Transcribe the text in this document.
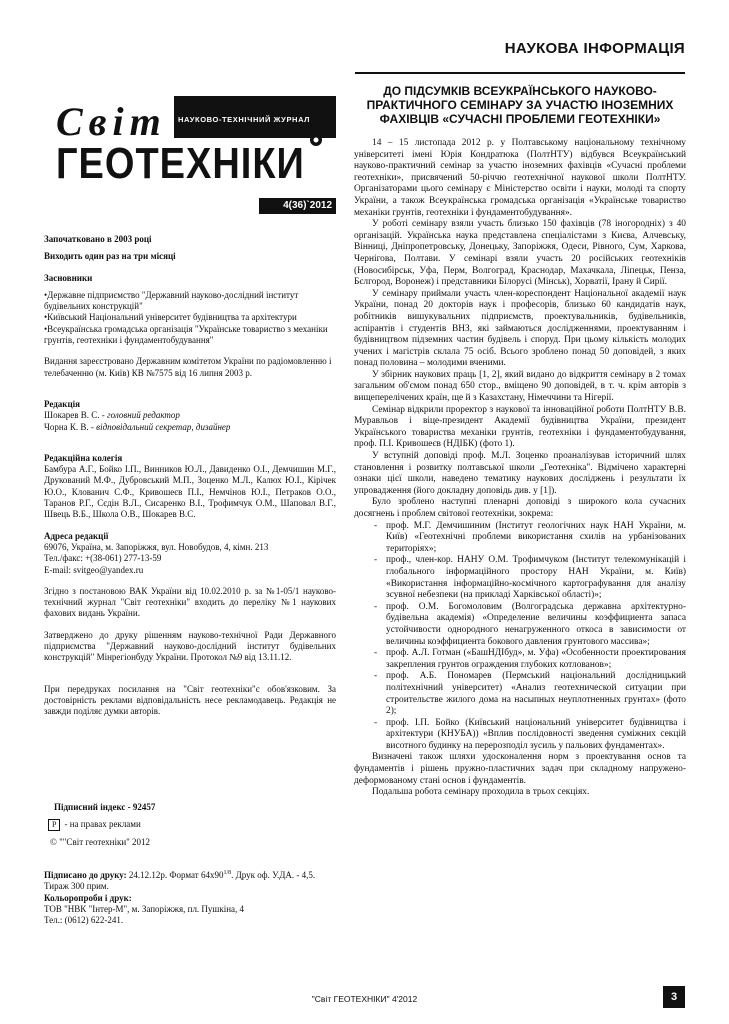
НАУКОВА ІНФОРМАЦІЯ
Світ НАУКОВО-ТЕХНІЧНИЙ ЖУРНАЛ
ГЕОТЕХНІКИ
4(36)`2012

Започатковано в 2003 році

Виходить один раз на три місяці

Засновники

•Державне підприємство "Державний науково-дослідний інститут будівельних конструкцій"

•Київський Національний університет будівництва та архітектури

•Всеукраїнська громадська організація "Українське товариство з механіки грунтів, геотехніки і фундаментобудування"

Видання зареєстровано Державним комітетом України по радіомовленню і телебаченню (м. Київ) КВ №7575 від 16 липня 2003 р.

Редакція

Шокарев В. С. - головний редактор

Чорна К. В. - відповідальний секретар, дизайнер

Редакційна колегія

Бамбура А.Г., Бойко І.П., Винников Ю.Л., Давиденко О.І., Демчишин М.Г., Друкований М.Ф., Дубровський М.П., Зоценко М.Л., Калюх Ю.І., Кірічек Ю.О., Клованич С.Ф., Кривошеєв П.І., Немчінов Ю.І., Петраков О.О., Таранов Р.Г., Сєдін В.Л., Сисаренко В.І., Трофимчук О.М., Шаповал В.Г., Швець В.Б., Школа О.В., Шокарев В.С.

Адреса редакції

69076, Україна, м. Запоріжжя, вул. Новобудов, 4, кімн. 213

Тел./факс: +(38-061) 277-13-59

E-mail: svitgeo@yandex.ru

Згідно з постановою ВАК України від 10.02.2010 р. за №1-05/1 науково-технічний журнал "Світ геотехніки" входить до переліку №1 наукових фахових видань України.

Затверджено до друку рішенням науково-технічної Ради Державного підприємства "Державний науково-дослідний інститут будівельних конструкцій" Мінрегіонбуду України. Протокол №9 від 13.11.12.

При передруках посилання на "Світ геотехніки"є обов'язковим. За достовірність реклами відповідальність несе рекламодавець. Редакція не завжди поділяє думки авторів.

Підписний індекс - 92457

Р - на правах реклами

© ""Світ геотехніки" 2012

Підписано до друку: 24.12.12р. Формат $64х90^{1/8}$. Друк оф. У.ДА. - 4,5. Тираж 300 прим.

Кольоропроби і друк:

ТОВ "НВК "Інтер-М", м. Запоріжжя, пл. Пушкіна, 4

Тел.: (0612) 622-241.

ДО ПІДСУМКІВ ВСЕУКРАЇНСЬКОГО НАУКОВО-ПРАКТИЧНОГО СЕМІНАРУ ЗА УЧАСТЮ ІНОЗЕМНИХ ФАХІВЦІВ «СУЧАСНІ ПРОБЛЕМИ ГЕОТЕХНІКИ»

14 – 15 листопада 2012 р. у Полтавському національному технічному університеті імені Юрія Кондратюка (ПолтНТУ) відбувся Всеукраїнський науково-практичний семінар за участю іноземних фахівців «Сучасні проблеми геотехніки», присвячений 50-річчю геотехнічної наукової школи ПолтНТУ. Організаторами цього семінару є Міністерство освіти і науки, молоді та спорту України, а також Всеукраїнська громадська організація «Українське товариство механіки грунтів, геотехніки і фундаментобудування».

У роботі семінару взяли участь близько 150 фахівців (78 іногородніх) з 40 організацій. Українська наука представлена спеціалістами з Києва, Алчевську, Вінниці, Дніпропетровську, Донецьку, Запоріжжя, Одеси, Рівного, Сум, Харкова, Чернігова, Полтави. У семінарі взяли участь 20 російських геотехніків (Новосибірськ, Уфа, Перм, Волгоград, Краснодар, Махачкала, Ліпецьк, Пенза, Бєлгород, Воронеж) і представники Білорусі (Мінськ), Хорватії, Ірану й Сирії.

У семінару приймали участь член-кореспондент Національної академії наук України, понад 20 докторів наук і професорів, близько 60 кандидатів наук, робітників вишукувальних підприємств, проектувальників, будівельників, аспірантів і студентів ВНЗ, які займаються дослідженнями, проектуванням і будівництвом підземних частин будівель і споруд. При цьому кількість молодих учених і магістрів склала 75 осіб. Всього зроблено понад 50 доповідей, з яких понад половина – молодими вченими.

У збірник наукових праць [1, 2], який видано до відкриття семінару в 2 томах загальним об'ємом понад 650 стор., вміщено 90 доповідей, в т. ч. крім авторів з вищеперелічених країн, ще й з Казахстану, Німеччини та Нігерії.

Семінар відкрили проректор з наукової та інноваційної роботи ПолтНТУ В.В. Муравльов і віце-президент Академії будівництва України, президент Українського товариства механіки грунтів, геотехніки і фундаментобудування, проф. П.І. Кривошеєв (НДІБК) (фото 1).

У вступній доповіді проф. М.Л. Зоценко проаналізував історичний шлях становлення і розвитку полтавської школи „Геотехніка". Відмічено характерні ознаки цієї школи, наведено тематику наукових досліджень і результати їх упровадження (його докладну доповідь див. у [1]).

Було зроблено наступні пленарні доповіді з широкого кола сучасних досягнень і проблем світової геотехніки, зокрема:

- проф. М.Г. Демчишиним (Інститут геологічних наук НАН України, м. Київ) «Геотехнічні проблеми використання схилів на урбанізованих територіях»;
- проф., член-кор. НАНУ О.М. Трофимчуком (Інститут телекомунікацій і глобального інформаційного простору НАН України, м. Київ) «Використання інформаційно-космічного картографування для аналізу зсувної небезпеки (на прикладі Харківської області)»;
- проф. О.М. Богомоловим (Волгоградська державна архітектурно-будівельна академія) «Определение величины коэффициента запаса устойчивости однородного ненагруженного откоса в зависимости от величины коэффициента бокового давления грунтового массива»;
- проф. А.Л. Готман («БашНДІбуд», м. Уфа) «Особенности проектирования закрепления грунтов ограждения глубоких котлованов»;
- проф. А.Б. Пономарев (Пермський національний дослідницький політехнічний університет) «Анализ геотехнической ситуации при строительстве жилого дома на насыпных неуплотненных грунтах» (фото 2);
- проф. І.П. Бойко (Київський національний університет будівництва і архітектури (КНУБА)) «Вплив послідовності зведення суміжних секцій висотного будинку на перерозподіл зусиль у пальових фундаментах».

Визначені також шляхи удосконалення норм з проектування основ та фундаментів і рішень пружно-пластичних задач при складному напружено-деформованому стані основ і фундаментів.

Подальша робота семінару проходила в трьох секціях.

"Світ ГЕОТЕХНІКИ" 4'2012	3
